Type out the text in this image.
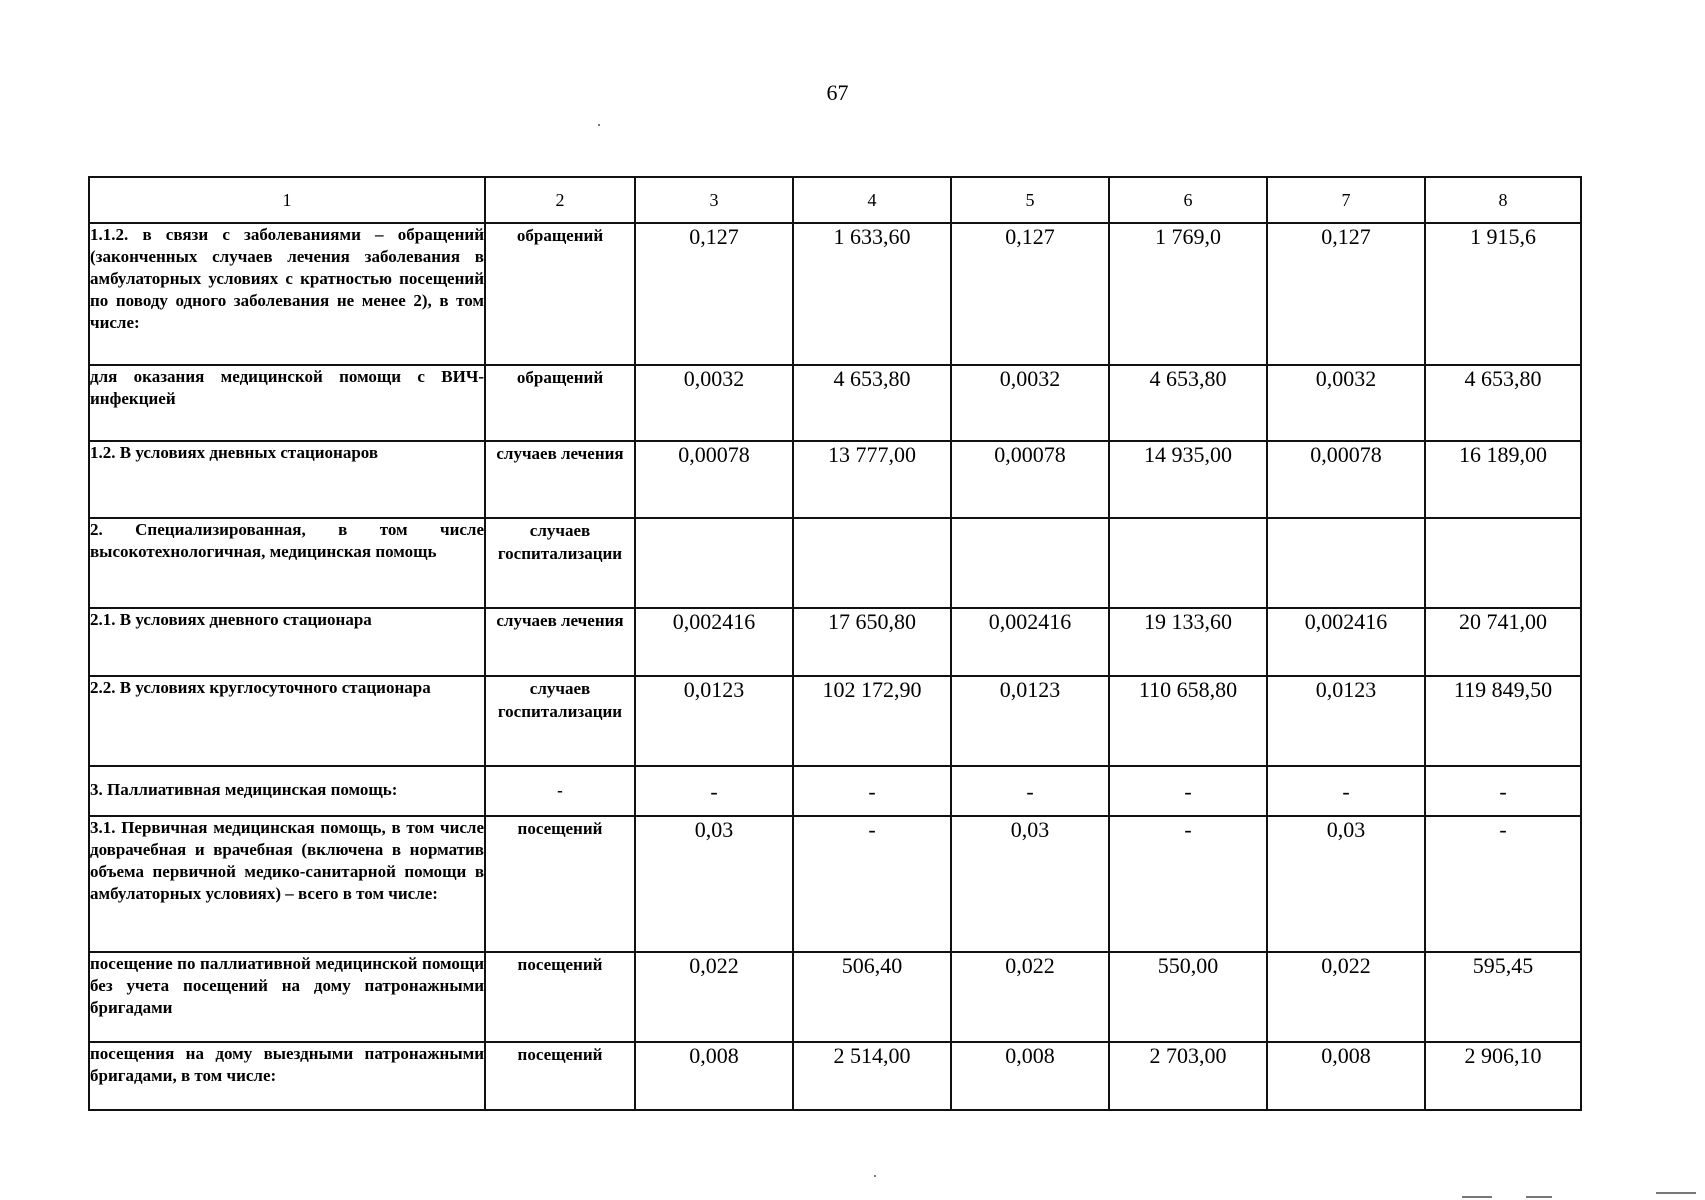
67
1	2	3	4	5	6	7	8
1.1.2. в связи с заболеваниями – обращений (законченных случаев лечения заболевания в амбулаторных условиях с кратностью посещений по поводу одного заболевания не менее 2), в том числе:	обращений	0,127	1 633,60	0,127	1 769,0	0,127	1 915,6
для оказания медицинской помощи с ВИЧ-инфекцией	обращений	0,0032	4 653,80	0,0032	4 653,80	0,0032	4 653,80
1.2. В условиях дневных стационаров	случаев лечения	0,00078	13 777,00	0,00078	14 935,00	0,00078	16 189,00
2. Специализированная, в том числе высокотехнологичная, медицинская помощь	случаев госпитализации						
2.1. В условиях дневного стационара	случаев лечения	0,002416	17 650,80	0,002416	19 133,60	0,002416	20 741,00
2.2. В условиях круглосуточного стационара	случаев госпитализации	0,0123	102 172,90	0,0123	110 658,80	0,0123	119 849,50
3. Паллиативная медицинская помощь:	-	-	-	-	-	-	-
3.1. Первичная медицинская помощь, в том числе доврачебная и врачебная (включена в норматив объема первичной медико-санитарной помощи в амбулаторных условиях) – всего в том числе:	посещений	0,03	-	0,03	-	0,03	-
посещение по паллиативной медицинской помощи без учета посещений на дому патронажными бригадами	посещений	0,022	506,40	0,022	550,00	0,022	595,45
посещения на дому выездными патронажными бригадами, в том числе:	посещений	0,008	2 514,00	0,008	2 703,00	0,008	2 906,10
